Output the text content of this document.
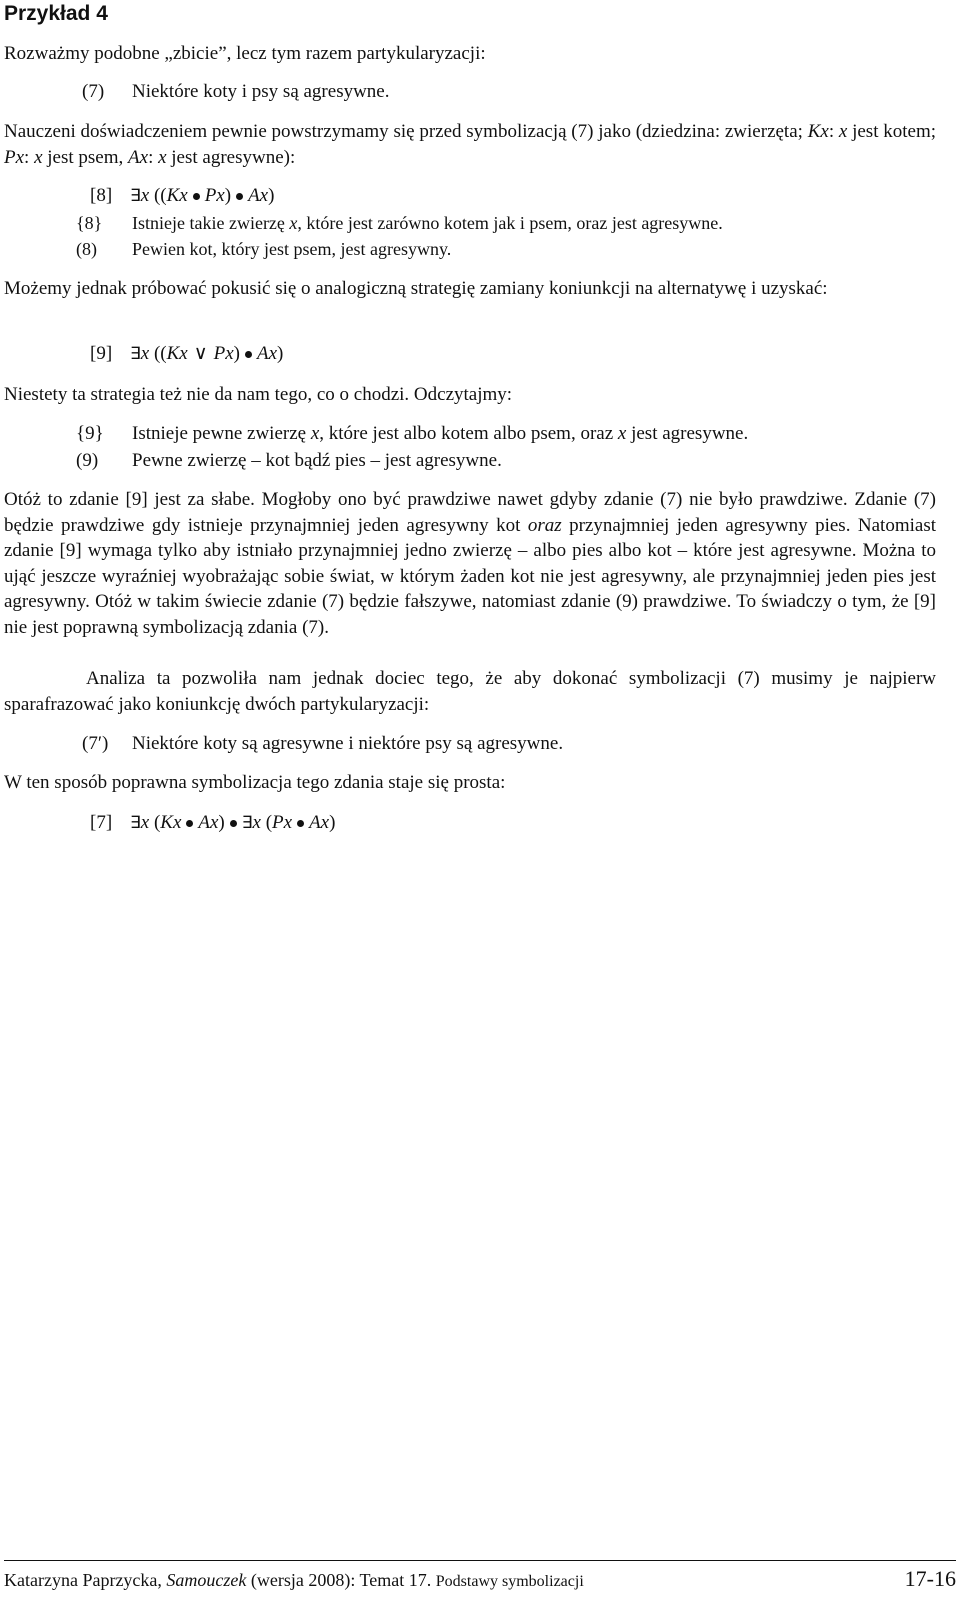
Przykład 4
Rozważmy podobne „zbicie”, lecz tym razem partykularyzacji:
(7) Niektóre koty i psy są agresywne.
Nauczeni doświadczeniem pewnie powstrzymamy się przed symbolizacją (7) jako (dziedzina: zwierzęta; Kx: x jest kotem; Px: x jest psem, Ax: x jest agresywne):
[8] ∃x ((Kx Px) Ax)
{8} Istnieje takie zwierzę x, które jest zarówno kotem jak i psem, oraz jest agresywne.
(8) Pewien kot, który jest psem, jest agresywny.
Możemy jednak próbować pokusić się o analogiczną strategię zamiany koniunkcji na alternatywę i uzyskać:
[9] ∃x ((Kx ∨ Px) Ax)
Niestety ta strategia też nie da nam tego, co o chodzi. Odczytajmy:
{9} Istnieje pewne zwierzę x, które jest albo kotem albo psem, oraz x jest agresywne.
(9) Pewne zwierzę – kot bądź pies – jest agresywne.
Otóż to zdanie [9] jest za słabe. Mogłoby ono być prawdziwe nawet gdyby zdanie (7) nie było prawdziwe. Zdanie (7) będzie prawdziwe gdy istnieje przynajmniej jeden agresywny kot oraz przynajmniej jeden agresywny pies. Natomiast zdanie [9] wymaga tylko aby istniało przynajmniej jedno zwierzę – albo pies albo kot – które jest agresywne. Można to ująć jeszcze wyraźniej wyobrażając sobie świat, w którym żaden kot nie jest agresywny, ale przynajmniej jeden pies jest agresywny. Otóż w takim świecie zdanie (7) będzie fałszywe, natomiast zdanie (9) prawdziwe. To świadczy o tym, że [9] nie jest poprawną symbolizacją zdania (7).
Analiza ta pozwoliła nam jednak dociec tego, że aby dokonać symbolizacji (7) musimy je najpierw sparafrazować jako koniunkcję dwóch partykularyzacji:
(7′) Niektóre koty są agresywne i niektóre psy są agresywne.
W ten sposób poprawna symbolizacja tego zdania staje się prosta:
[7] ∃x (Kx Ax) ∃x (Px Ax)
Katarzyna Paprzycka, Samouczek (wersja 2008): Temat 17. Podstawy symbolizacji	17-16
